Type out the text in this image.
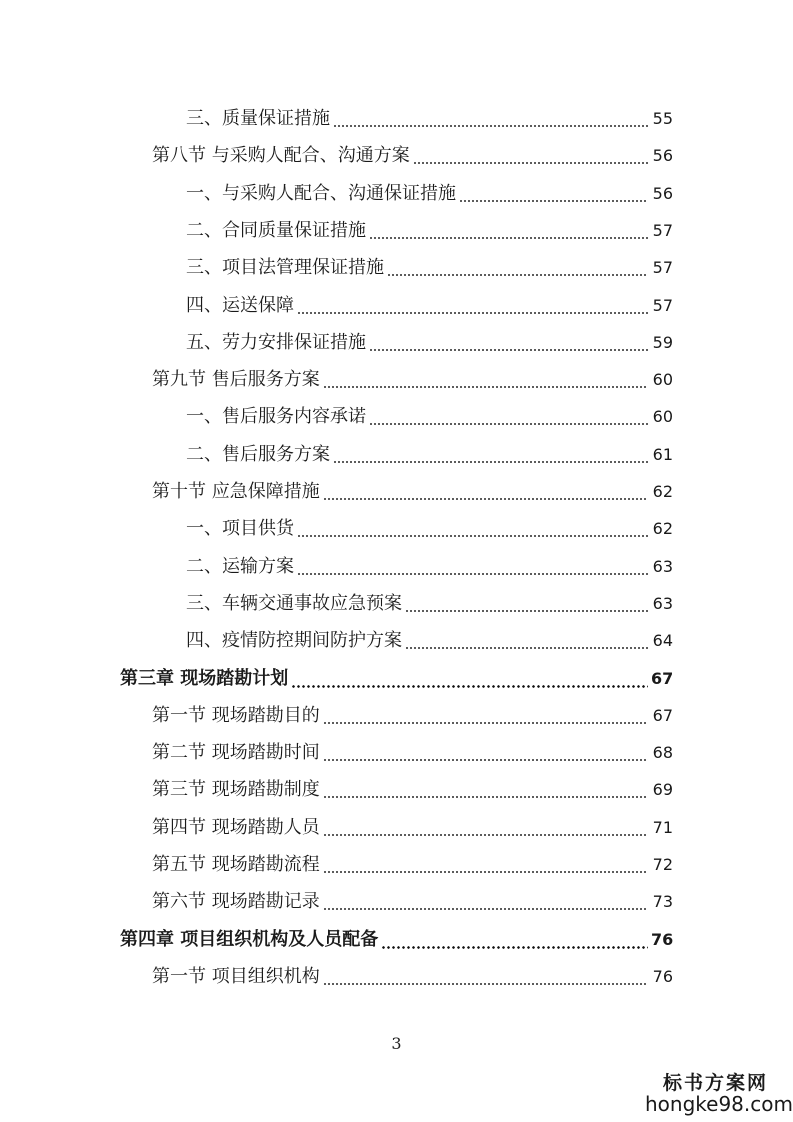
三、质量保证措施	55
第八节 与采购人配合、沟通方案	56
一、与采购人配合、沟通保证措施	56
二、合同质量保证措施	57
三、项目法管理保证措施	57
四、运送保障	57
五、劳力安排保证措施	59
第九节 售后服务方案	60
一、售后服务内容承诺	60
二、售后服务方案	61
第十节 应急保障措施	62
一、项目供货	62
二、运输方案	63
三、车辆交通事故应急预案	63
四、疫情防控期间防护方案	64
第三章 现场踏勘计划	67
第一节 现场踏勘目的	67
第二节 现场踏勘时间	68
第三节 现场踏勘制度	69
第四节 现场踏勘人员	71
第五节 现场踏勘流程	72
第六节 现场踏勘记录	73
第四章 项目组织机构及人员配备	76
第一节 项目组织机构	76
3
标书方案网
hongke98.com
